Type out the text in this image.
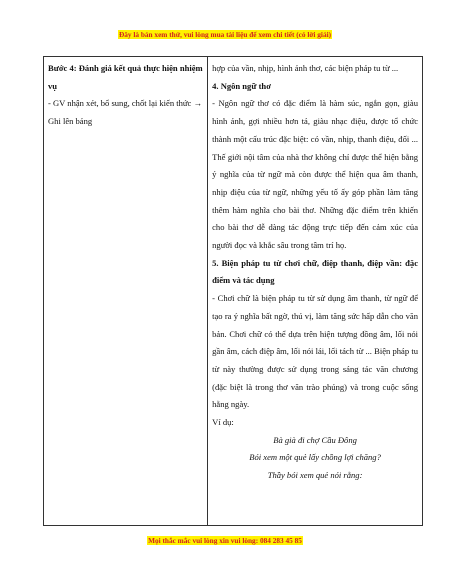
Đây là bản xem thử, vui lòng mua tài liệu để xem chi tiết (có lời giải)

Bước 4: Đánh giá kết quả thực hiện nhiệm vụ

- GV nhận xét, bổ sung, chốt lại kiến thức → Ghi lên bảng

hợp của vần, nhịp, hình ảnh thơ, các biện pháp tu từ ...

4. Ngôn ngữ thơ

- Ngôn ngữ thơ có đặc điểm là hàm súc, ngắn gọn, giàu hình ảnh, gợi nhiều hơn tả, giàu nhạc điệu, được tổ chức thành một cấu trúc đặc biệt: có vần, nhịp, thanh điệu, đối ... Thế giới nội tâm của nhà thơ không chỉ được thể hiện bằng ý nghĩa của từ ngữ mà còn được thể hiện qua âm thanh, nhịp điệu của từ ngữ, những yếu tố ấy góp phần làm tăng thêm hàm nghĩa cho bài thơ. Những đặc điểm trên khiến cho bài thơ dễ dàng tác động trực tiếp đến cảm xúc của người đọc và khắc sâu trong tâm trí họ.

5. Biện pháp tu từ chơi chữ, điệp thanh, điệp vần: đặc điểm và tác dụng

- Chơi chữ là biện pháp tu từ sử dụng âm thanh, từ ngữ để tạo ra ý nghĩa bất ngờ, thú vị, làm tăng sức hấp dẫn cho văn bản. Chơi chữ có thể dựa trên hiện tượng đồng âm, lối nói gần âm, cách điệp âm, lối nói lái, lối tách từ ... Biện pháp tu từ này thường được sử dụng trong sáng tác văn chương (đặc biệt là trong thơ văn trào phúng) và trong cuộc sống hằng ngày.

Ví dụ:

Bà già đi chợ Cầu Đông

Bói xem một quẻ lấy chồng lợi chăng?

Thầy bói xem quẻ nói rằng:

Mọi thắc mắc vui lòng xin vui lòng: 084 283 45 85
